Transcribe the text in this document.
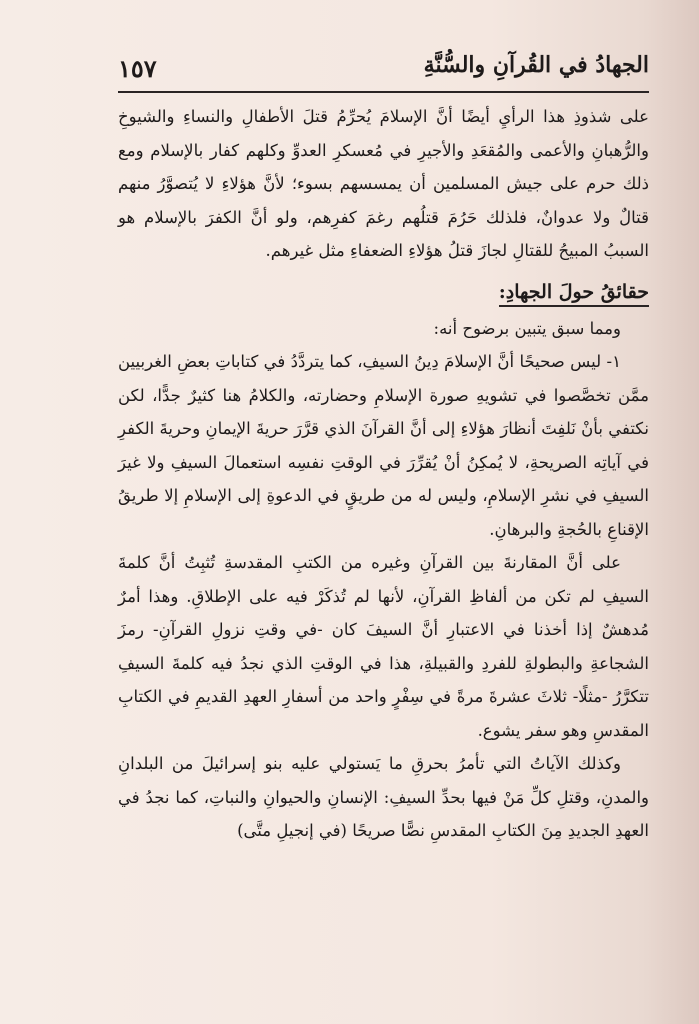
١٥٧	الجهادُ في القُرآنِ والسُّنَّةِ

على شذوذِ هذا الرأيِ أيضًا أنَّ الإسلامَ يُحرِّمُ قتلَ الأطفالِ والنساءِ والشيوخِ والرُّهبانِ والأعمى والمُقعَدِ والأجيرِ في مُعسكرِ العدوِّ وكلهم كفار بالإسلام ومع ذلك حرم على جيش المسلمين أن يمسسهم بسوء؛ لأنَّ هؤلاءِ لا يُتصوَّرُ منهم قتالٌ ولا عدوانٌ، فلذلك حَرُمَ قتلُهم رغمَ كفرِهم، ولو أنَّ الكفرَ بالإسلام هو السببُ المبيحُ للقتالِ لجازَ قتلُ هؤلاءِ الضعفاءِ مثل غيرهم.

حقائقُ حولَ الجهادِ:

ومما سبق يتبين برضوح أنه:

١- ليس صحيحًا أنَّ الإسلامَ دِينُ السيفِ، كما يتردَّدُ في كتاباتِ بعضِ الغربيين ممَّن تخصَّصوا في تشويهِ صورة الإسلامِ وحضارته، والكلامُ هنا كثيرٌ جدًّا، لكن نكتفي بأنْ نَلفِتَ أنظارَ هؤلاءِ إلى أنَّ القرآنَ الذي قرَّرَ حريةَ الإيمانِ وحريةَ الكفرِ في آياتِه الصريحةِ، لا يُمكِنُ أنْ يُقرِّرَ في الوقتِ نفسِه استعمالَ السيفِ ولا غيرَ السيفِ في نشرِ الإسلامِ، وليس له من طريقٍ في الدعوةِ إلى الإسلامِ إلا طريقُ الإقناعِ بالحُجةِ والبرهانِ.

على أنَّ المقارنةَ بين القرآنِ وغيره من الكتبِ المقدسةِ تُثبِتُ أنَّ كلمةَ السيفِ لم تكن من ألفاظِ القرآنِ، لأنها لم تُذكَرْ فيه على الإطلاقِ. وهذا أمرٌ مُدهشٌ إذا أخذنا في الاعتبارِ أنَّ السيفَ كان -في وقتِ نزولِ القرآنِ- رمزَ الشجاعةِ والبطولةِ للفردِ والقبيلةِ، هذا في الوقتِ الذي نجدُ فيه كلمةَ السيفِ تتكرَّرُ -مثلًا- ثلاثَ عشرةَ مرةً في سِفْرٍ واحد من أسفارِ العهدِ القديمِ في الكتابِ المقدسِ وهو سفر يشوع.

وكذلك الآياتُ التي تأمرُ بحرقِ ما يَستولي عليه بنو إسرائيلَ من البلدانِ والمدنِ، وقتلِ كلِّ مَنْ فيها بحدِّ السيفِ: الإنسانِ والحيوانِ والنباتِ، كما نجدُ في العهدِ الجديدِ مِنَ الكتابِ المقدسِ نصًّا صريحًا (في إنجيلِ متَّى)
